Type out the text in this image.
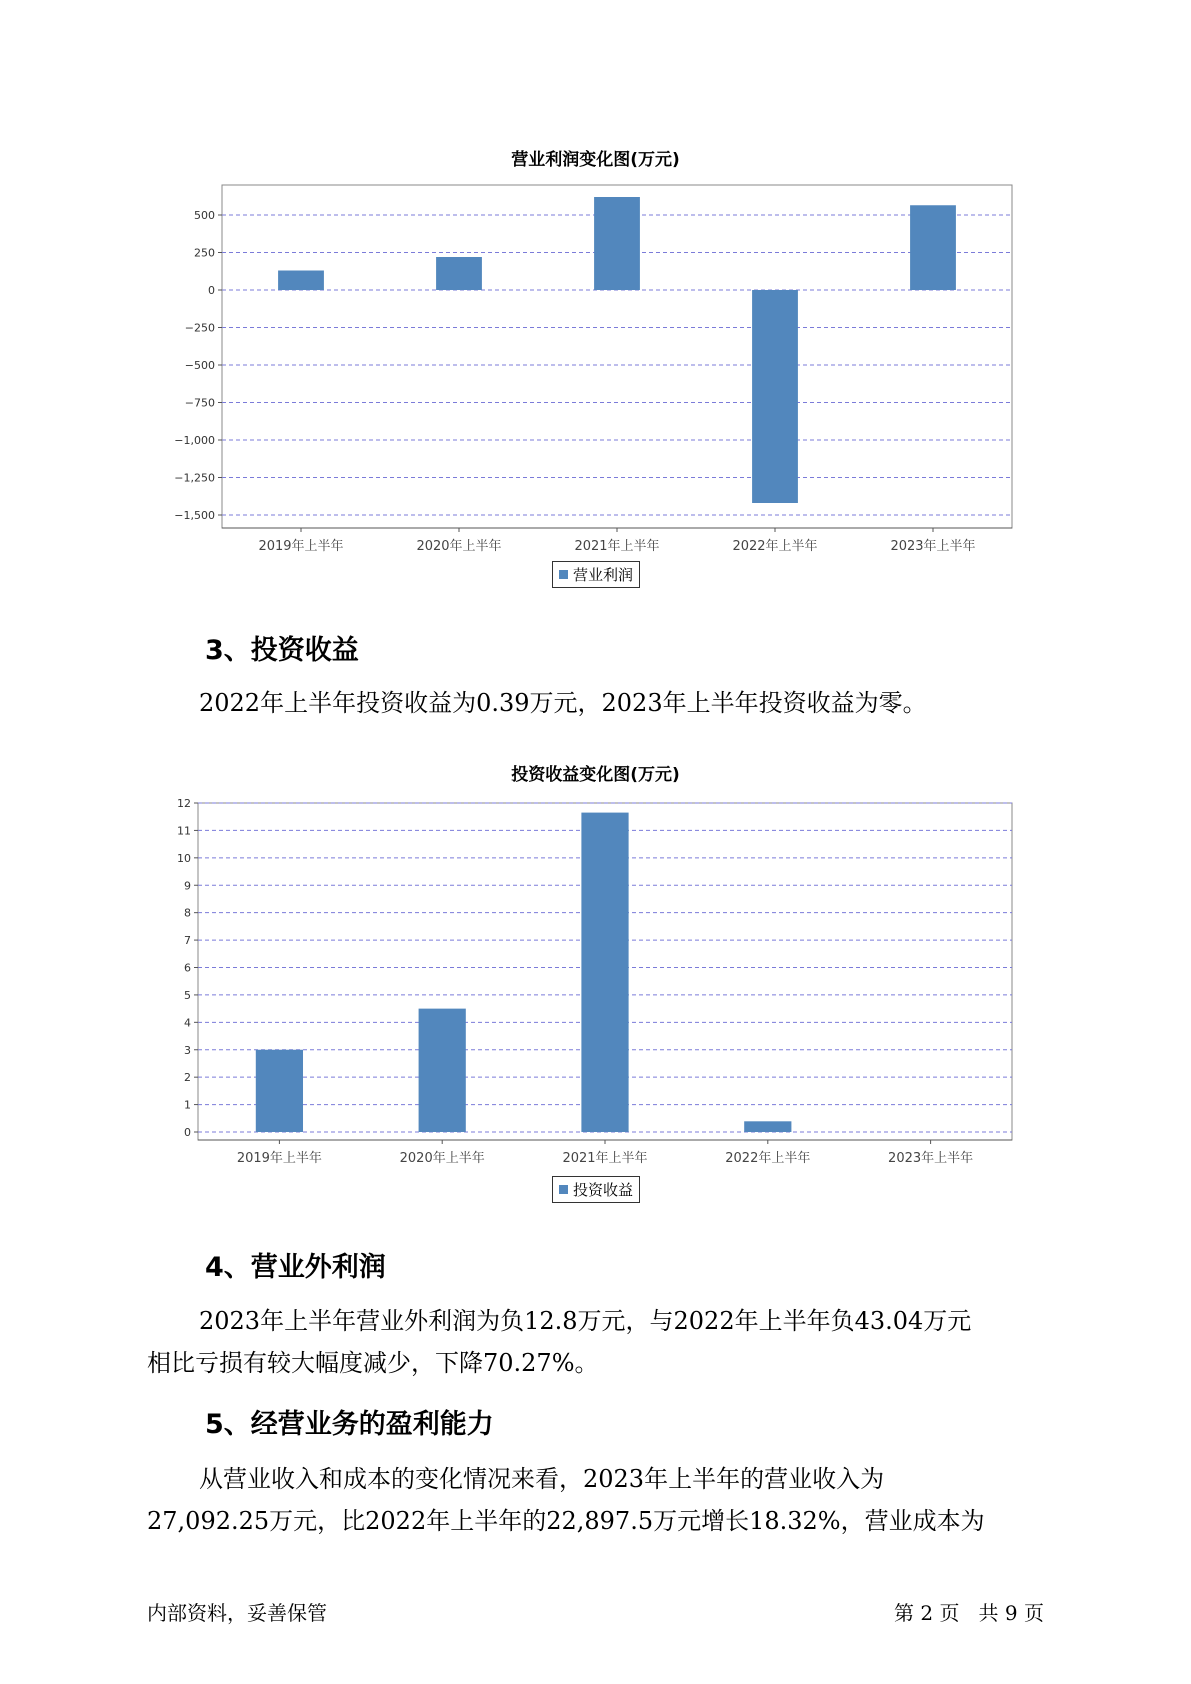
营业利润变化图(万元)
500
250
0
−250
−500
−750
−1,000
−1,250
−1,500
2019年上半年	2020年上半年	2021年上半年	2022年上半年	2023年上半年
营业利润
3、投资收益
2022年上半年投资收益为0.39万元，2023年上半年投资收益为零。
投资收益变化图(万元)
12
11
10
9
8
7
6
5
4
3
2
1
0
2019年上半年	2020年上半年	2021年上半年	2022年上半年	2023年上半年
投资收益
4、营业外利润
2023年上半年营业外利润为负12.8万元，与2022年上半年负43.04万元
相比亏损有较大幅度减少，下降70.27%。
5、经营业务的盈利能力
从营业收入和成本的变化情况来看，2023年上半年的营业收入为
27,092.25万元，比2022年上半年的22,897.5万元增长18.32%，营业成本为
内部资料，妥善保管	第 2 页   共 9 页
